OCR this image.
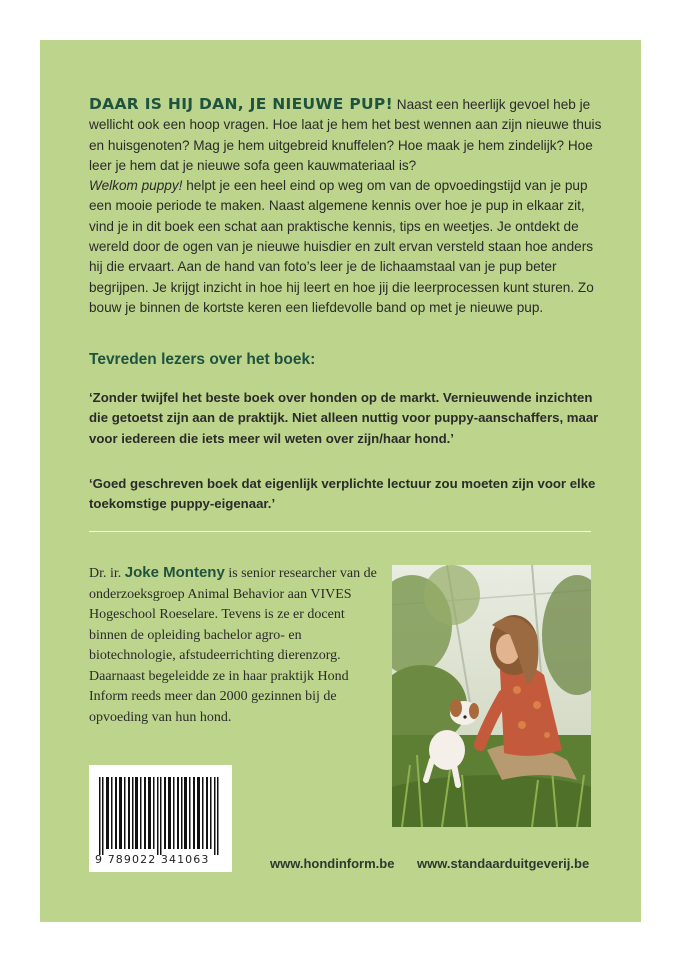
DAAR IS HIJ DAN, JE NIEUWE PUP! Naast een heerlijk gevoel heb je wellicht ook een hoop vragen. Hoe laat je hem het best wennen aan zijn nieuwe thuis en huisgenoten? Mag je hem uitgebreid knuffelen? Hoe maak je hem zindelijk? Hoe leer je hem dat je nieuwe sofa geen kauwmateriaal is?
Welkom puppy! helpt je een heel eind op weg om van de opvoedingstijd van je pup een mooie periode te maken. Naast algemene kennis over hoe je pup in elkaar zit, vind je in dit boek een schat aan praktische kennis, tips en weetjes. Je ontdekt de wereld door de ogen van je nieuwe huisdier en zult ervan versteld staan hoe anders hij die ervaart. Aan de hand van foto’s leer je de lichaamstaal van je pup beter begrijpen. Je krijgt inzicht in hoe hij leert en hoe jij die leerprocessen kunt sturen. Zo bouw je binnen de kortste keren een liefdevolle band op met je nieuwe pup.
Tevreden lezers over het boek:
‘Zonder twijfel het beste boek over honden op de markt. Vernieuwende inzichten die getoetst zijn aan de praktijk. Niet alleen nuttig voor puppy-aanschaffers, maar voor iedereen die iets meer wil weten over zijn/haar hond.’
‘Goed geschreven boek dat eigenlijk verplichte lectuur zou moeten zijn voor elke toekomstige puppy-eigenaar.’
Dr. ir. Joke Monteny is senior researcher van de onderzoeksgroep Animal Behavior aan VIVES Hogeschool Roeselare. Tevens is ze er docent binnen de opleiding bachelor agro- en biotechnologie, afstudeerrichting dierenzorg. Daarnaast begeleidde ze in haar praktijk Hond Inform reeds meer dan 2000 gezinnen bij de opvoeding van hun hond.
9 789022 341063	www.hondinform.be www.standaarduitgeverij.be
